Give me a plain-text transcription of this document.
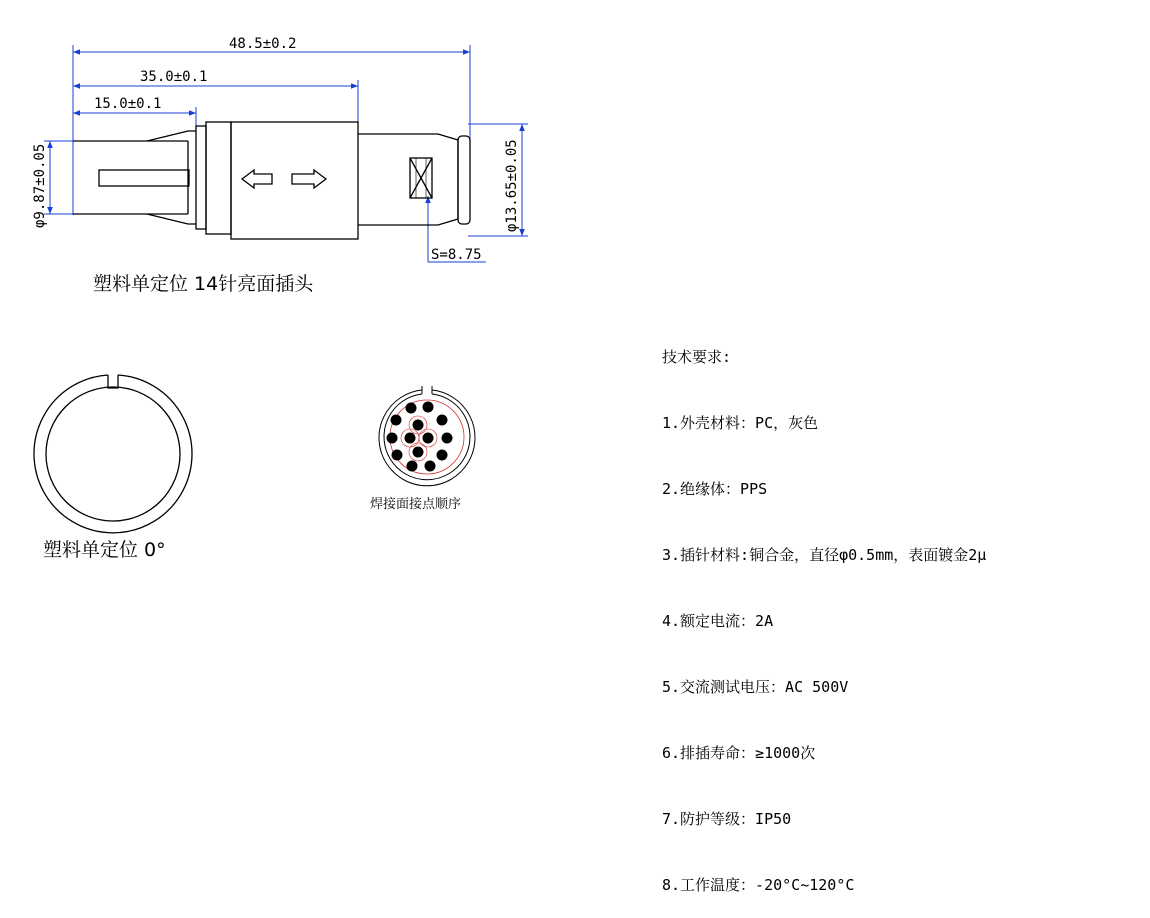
48.5±0.2
35.0±0.1
15.0±0.1
φ9.87±0.05	φ13.65±0.05
S=8.75
塑料单定位 14针亮面插头
塑料单定位 0°
焊接面接点顺序

技术要求:

1.外壳材料：PC，灰色

2.绝缘体：PPS

3.插针材料:铜合金，直径φ0.5mm，表面镀金2μ

4.额定电流：2A

5.交流测试电压：AC 500V

6.排插寿命：≥1000次

7.防护等级：IP50

8.工作温度：-20°C~120°C
